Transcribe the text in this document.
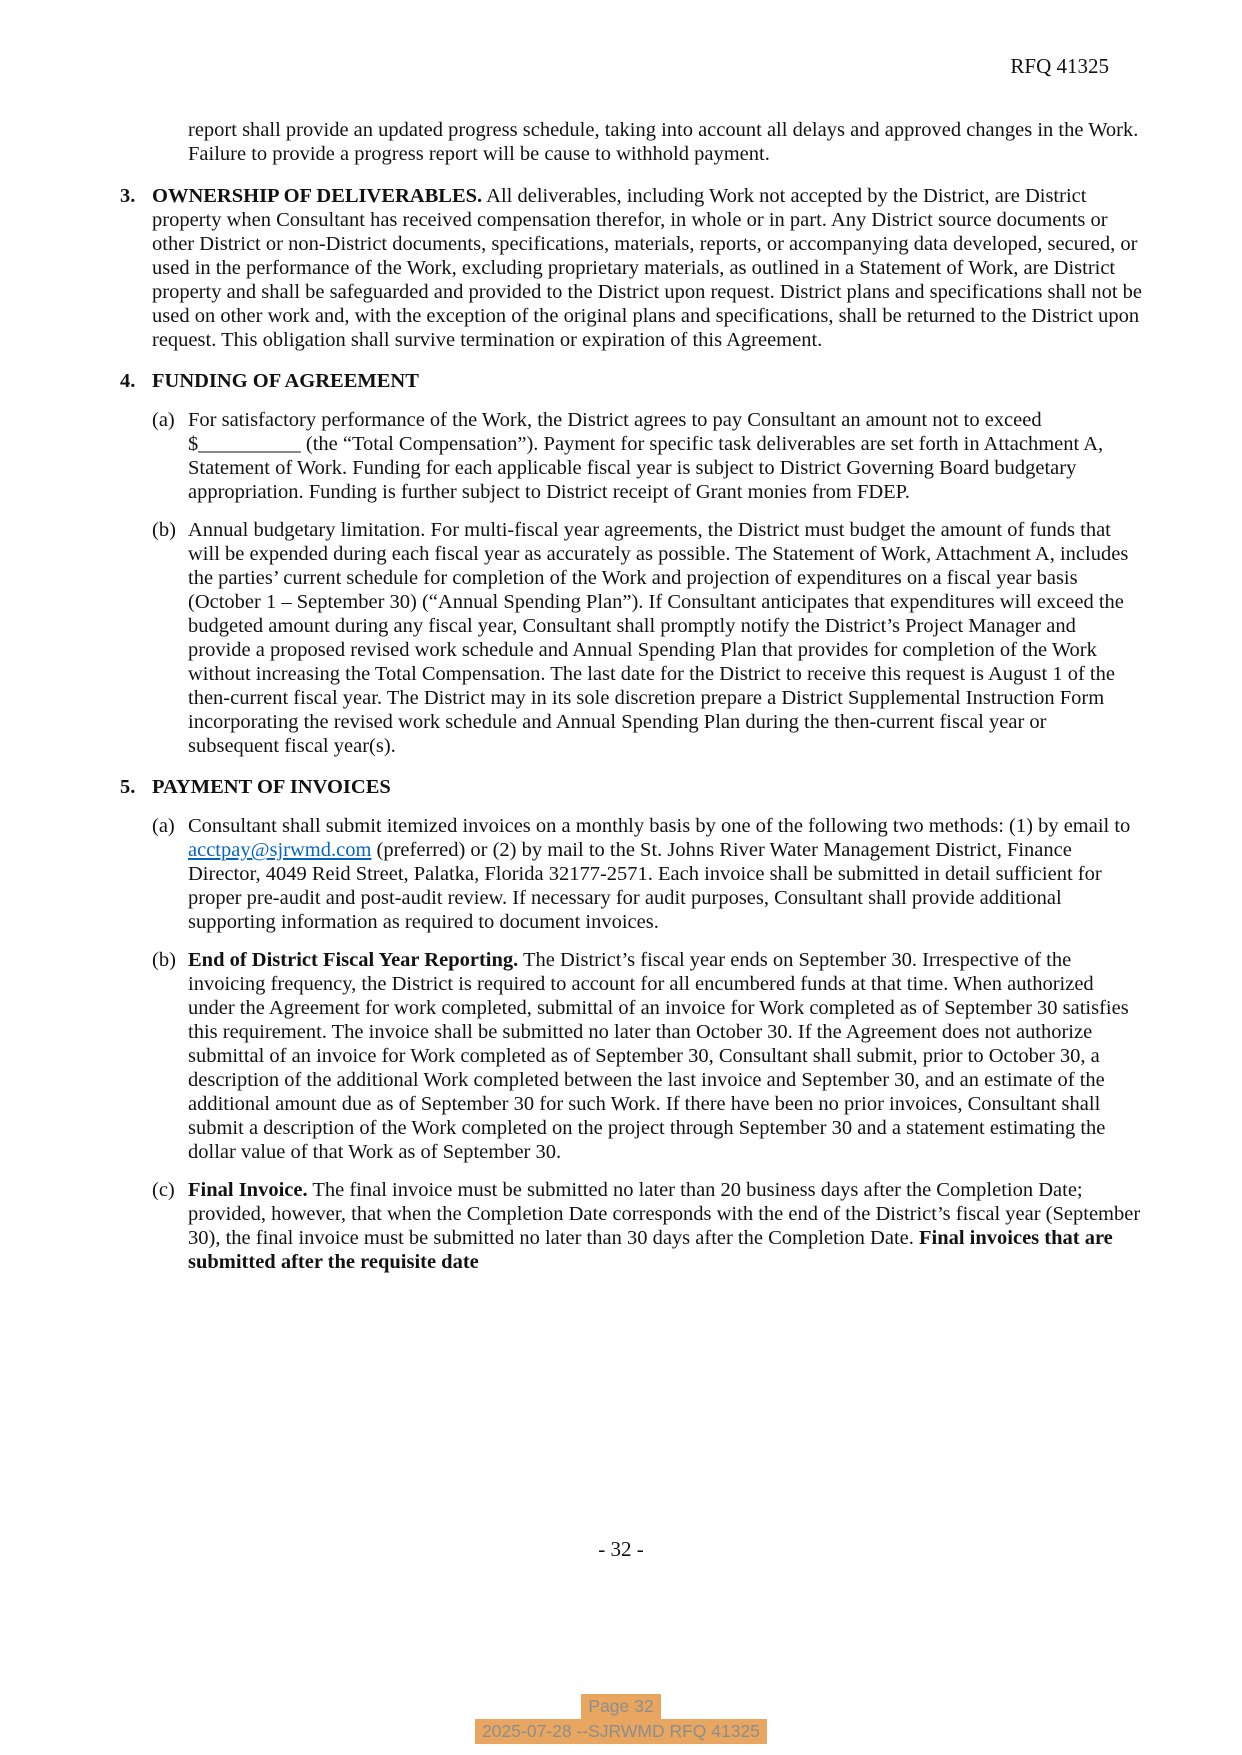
RFQ 41325

report shall provide an updated progress schedule, taking into account all delays and approved changes in the Work. Failure to provide a progress report will be cause to withhold payment.

3. OWNERSHIP OF DELIVERABLES. All deliverables, including Work not accepted by the District, are District property when Consultant has received compensation therefor, in whole or in part. Any District source documents or other District or non-District documents, specifications, materials, reports, or accompanying data developed, secured, or used in the performance of the Work, excluding proprietary materials, as outlined in a Statement of Work, are District property and shall be safeguarded and provided to the District upon request. District plans and specifications shall not be used on other work and, with the exception of the original plans and specifications, shall be returned to the District upon request. This obligation shall survive termination or expiration of this Agreement.

4. FUNDING OF AGREEMENT

(a) For satisfactory performance of the Work, the District agrees to pay Consultant an amount not to exceed $__________ (the “Total Compensation”). Payment for specific task deliverables are set forth in Attachment A, Statement of Work. Funding for each applicable fiscal year is subject to District Governing Board budgetary appropriation. Funding is further subject to District receipt of Grant monies from FDEP.

(b) Annual budgetary limitation. For multi-fiscal year agreements, the District must budget the amount of funds that will be expended during each fiscal year as accurately as possible. The Statement of Work, Attachment A, includes the parties’ current schedule for completion of the Work and projection of expenditures on a fiscal year basis (October 1 – September 30) (“Annual Spending Plan”). If Consultant anticipates that expenditures will exceed the budgeted amount during any fiscal year, Consultant shall promptly notify the District’s Project Manager and provide a proposed revised work schedule and Annual Spending Plan that provides for completion of the Work without increasing the Total Compensation. The last date for the District to receive this request is August 1 of the then-current fiscal year. The District may in its sole discretion prepare a District Supplemental Instruction Form incorporating the revised work schedule and Annual Spending Plan during the then-current fiscal year or subsequent fiscal year(s).

5. PAYMENT OF INVOICES

(a) Consultant shall submit itemized invoices on a monthly basis by one of the following two methods: (1) by email to acctpay@sjrwmd.com (preferred) or (2) by mail to the St. Johns River Water Management District, Finance Director, 4049 Reid Street, Palatka, Florida 32177-2571. Each invoice shall be submitted in detail sufficient for proper pre-audit and post-audit review. If necessary for audit purposes, Consultant shall provide additional supporting information as required to document invoices.

(b) End of District Fiscal Year Reporting. The District’s fiscal year ends on September 30. Irrespective of the invoicing frequency, the District is required to account for all encumbered funds at that time. When authorized under the Agreement for work completed, submittal of an invoice for Work completed as of September 30 satisfies this requirement. The invoice shall be submitted no later than October 30. If the Agreement does not authorize submittal of an invoice for Work completed as of September 30, Consultant shall submit, prior to October 30, a description of the additional Work completed between the last invoice and September 30, and an estimate of the additional amount due as of September 30 for such Work. If there have been no prior invoices, Consultant shall submit a description of the Work completed on the project through September 30 and a statement estimating the dollar value of that Work as of September 30.

(c) Final Invoice. The final invoice must be submitted no later than 20 business days after the Completion Date; provided, however, that when the Completion Date corresponds with the end of the District’s fiscal year (September 30), the final invoice must be submitted no later than 30 days after the Completion Date. Final invoices that are submitted after the requisite date

- 32 -
Page 32
2025-07-28 --SJRWMD RFQ 41325
